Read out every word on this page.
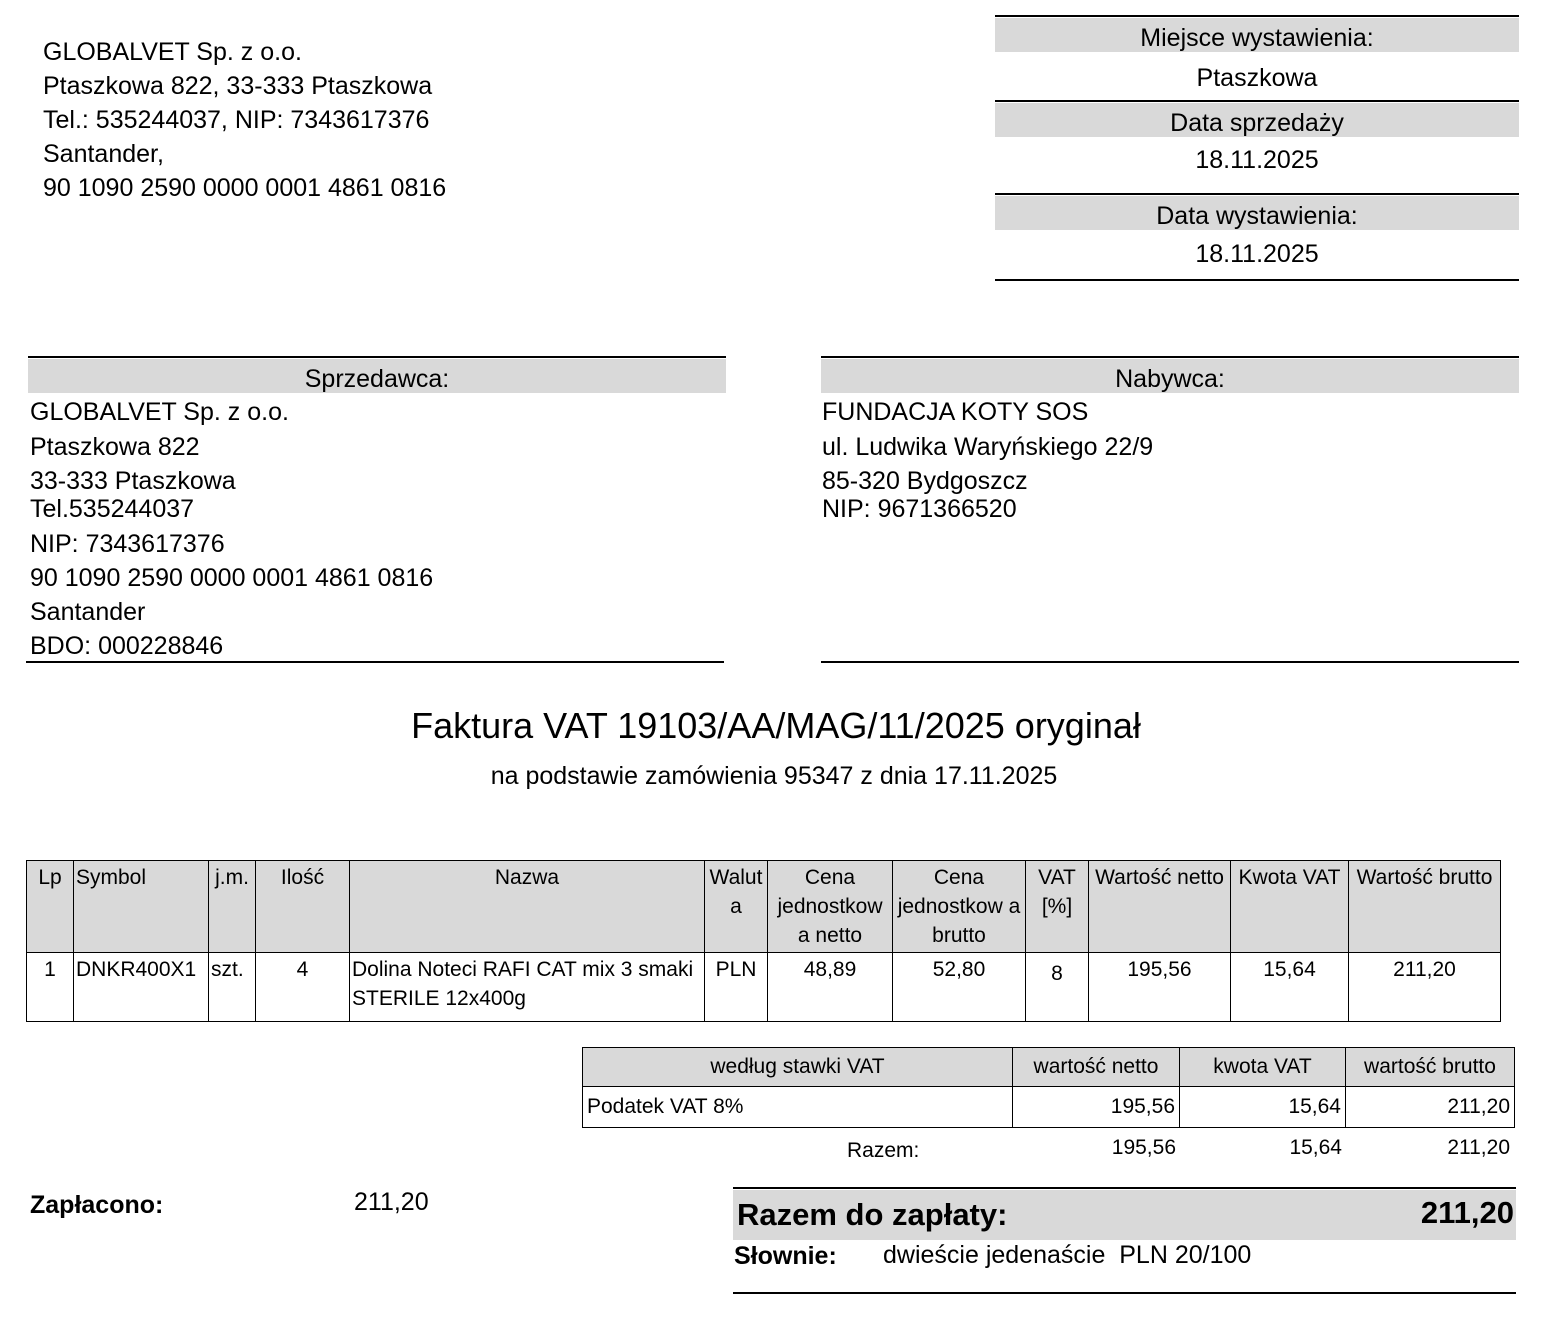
GLOBALVET Sp. z o.o.
Ptaszkowa 822, 33-333 Ptaszkowa
Tel.: 535244037, NIP: 7343617376
Santander,
90 1090 2590 0000 0001 4861 0816
Miejsce wystawienia:
Ptaszkowa
Data sprzedaży
18.11.2025
Data wystawienia:
18.11.2025
Sprzedawca:
GLOBALVET Sp. z o.o.
Ptaszkowa 822
33-333 Ptaszkowa
Tel.535244037
NIP: 7343617376
90 1090 2590 0000 0001 4861 0816
Santander
BDO: 000228846
Nabywca:
FUNDACJA KOTY SOS
ul. Ludwika Waryńskiego 22/9
85-320 Bydgoszcz
NIP: 9671366520
Faktura VAT 19103/AA/MAG/11/2025 oryginał
na podstawie zamówienia 95347 z dnia 17.11.2025
Lp	Symbol	j.m.	Ilość	Nazwa	Walut a	Cena jednostkow a netto	Cena jednostkow a brutto	VAT [%]	Wartość netto	Kwota VAT	Wartość brutto
1	DNKR400X1	szt.	4	Dolina Noteci RAFI CAT mix 3 smaki STERILE 12x400g	PLN	48,89	52,80	8	195,56	15,64	211,20
według stawki VAT	wartość netto	kwota VAT	wartość brutto
Podatek VAT 8%	195,56	15,64	211,20
Razem:	195,56	15,64	211,20
Zapłacono:	211,20	Razem do zapłaty:	211,20
Słownie: dwieście jedenaście  PLN 20/100
